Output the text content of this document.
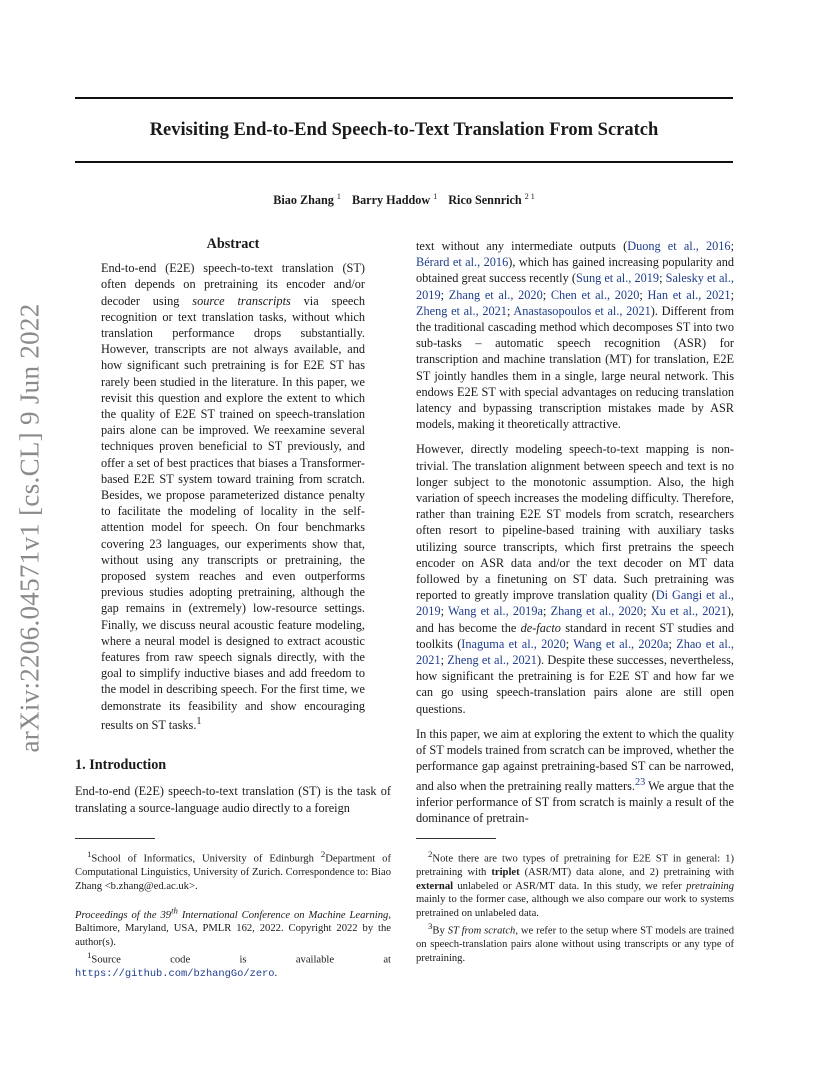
Revisiting End-to-End Speech-to-Text Translation From Scratch
Biao Zhang $^1$ Barry Haddow $^1$ Rico Sennrich $^{2 1}$
arXiv:2206.04571v1 [cs.CL] 9 Jun 2022
Abstract

End-to-end (E2E) speech-to-text translation (ST) often depends on pretraining its encoder and/or decoder using source transcripts via speech recognition or text translation tasks, without which translation performance drops substantially. However, transcripts are not always available, and how significant such pretraining is for E2E ST has rarely been studied in the literature. In this paper, we revisit this question and explore the extent to which the quality of E2E ST trained on speech-translation pairs alone can be improved. We reexamine several techniques proven beneficial to ST previously, and offer a set of best practices that biases a Transformer-based E2E ST system toward training from scratch. Besides, we propose parameterized distance penalty to facilitate the modeling of locality in the self-attention model for speech. On four benchmarks covering 23 languages, our experiments show that, without using any transcripts or pretraining, the proposed system reaches and even outperforms previous studies adopting pretraining, although the gap remains in (extremely) low-resource settings. Finally, we discuss neural acoustic feature modeling, where a neural model is designed to extract acoustic features from raw speech signals directly, with the goal to simplify inductive biases and add freedom to the model in describing speech. For the first time, we demonstrate its feasibility and show encouraging results on ST tasks.$^1$

1. Introduction

End-to-end (E2E) speech-to-text translation (ST) is the task of translating a source-language audio directly to a foreign

text without any intermediate outputs (Duong et al., 2016; Bérard et al., 2016), which has gained increasing popularity and obtained great success recently (Sung et al., 2019; Salesky et al., 2019; Zhang et al., 2020; Chen et al., 2020; Han et al., 2021; Zheng et al., 2021; Anastasopoulos et al., 2021). Different from the traditional cascading method which decomposes ST into two sub-tasks – automatic speech recognition (ASR) for transcription and machine translation (MT) for translation, E2E ST jointly handles them in a single, large neural network. This endows E2E ST with special advantages on reducing translation latency and bypassing transcription mistakes made by ASR models, making it theoretically attractive.

However, directly modeling speech-to-text mapping is non-trivial. The translation alignment between speech and text is no longer subject to the monotonic assumption. Also, the high variation of speech increases the modeling difficulty. Therefore, rather than training E2E ST models from scratch, researchers often resort to pipeline-based training with auxiliary tasks utilizing source transcripts, which first pretrains the speech encoder on ASR data and/or the text decoder on MT data followed by a finetuning on ST data. Such pretraining was reported to greatly improve translation quality (Di Gangi et al., 2019; Wang et al., 2019a; Zhang et al., 2020; Xu et al., 2021), and has become the de-facto standard in recent ST studies and toolkits (Inaguma et al., 2020; Wang et al., 2020a; Zhao et al., 2021; Zheng et al., 2021). Despite these successes, nevertheless, how significant the pretraining is for E2E ST and how far we can go using speech-translation pairs alone are still open questions.

In this paper, we aim at exploring the extent to which the quality of ST models trained from scratch can be improved, whether the performance gap against pretraining-based ST can be narrowed, and also when the pretraining really matters.$^{23}$ We argue that the inferior performance of ST from scratch is mainly a result of the dominance of pretrain-

$^1$School of Informatics, University of Edinburgh $^2$Department of Computational Linguistics, University of Zurich. Correspondence to: Biao Zhang <b.zhang@ed.ac.uk>.

Proceedings of the 39th International Conference on Machine Learning, Baltimore, Maryland, USA, PMLR 162, 2022. Copyright 2022 by the author(s).

$^1$Source code is available at https://github.com/bzhangGo/zero.

$^2$Note there are two types of pretraining for E2E ST in general: 1) pretraining with triplet (ASR/MT) data alone, and 2) pretraining with external unlabeled or ASR/MT data. In this study, we refer pretraining mainly to the former case, although we also compare our work to systems pretrained on unlabeled data.

$^3$By ST from scratch, we refer to the setup where ST models are trained on speech-translation pairs alone without using transcripts or any type of pretraining.
